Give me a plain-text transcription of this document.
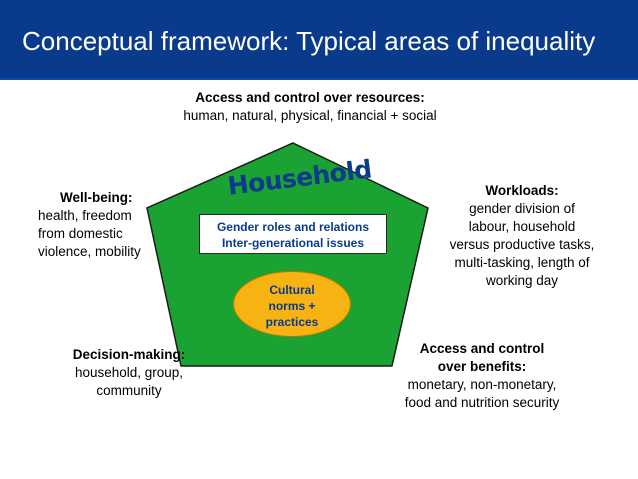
Conceptual framework: Typical areas of inequality
Access and control over resources:
human, natural, physical, financial + social
Household
Gender roles and relations
Inter-generational issues
Cultural
norms +
practices
Well-being:
health, freedom
from domestic
violence, mobility
Workloads:
gender division of
labour, household
versus productive tasks,
multi-tasking, length of
working day
Decision-making:
household, group,
community
Access and control
over benefits:
monetary, non-monetary,
food and nutrition security
